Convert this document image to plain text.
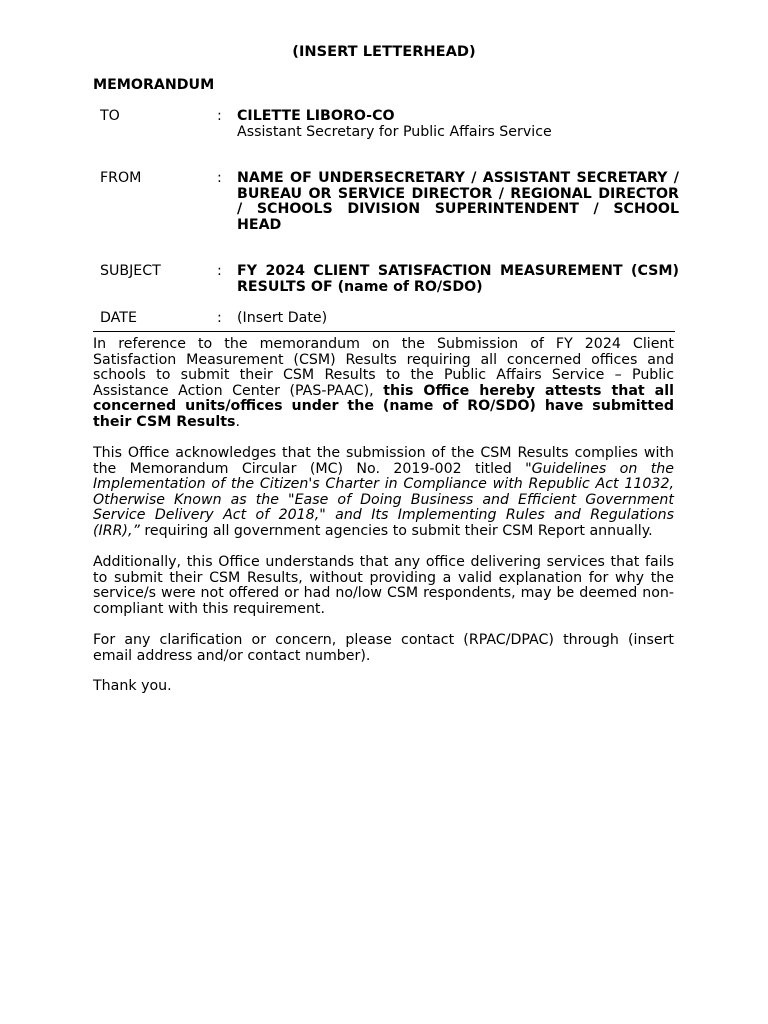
(INSERT LETTERHEAD)
MEMORANDUM
TO	: CILETTE LIBORO-CO
Assistant Secretary for Public Affairs Service
FROM	: NAME OF UNDERSECRETARY / ASSISTANT SECRETARY / BUREAU OR SERVICE DIRECTOR / REGIONAL DIRECTOR / SCHOOLS DIVISION SUPERINTENDENT / SCHOOL HEAD
SUBJECT	: FY 2024 CLIENT SATISFACTION MEASUREMENT (CSM) RESULTS OF (name of RO/SDO)
DATE	: (Insert Date)
In reference to the memorandum on the Submission of FY 2024 Client Satisfaction Measurement (CSM) Results requiring all concerned offices and schools to submit their CSM Results to the Public Affairs Service – Public Assistance Action Center (PAS-PAAC), this Office hereby attests that all concerned units/offices under the (name of RO/SDO) have submitted their CSM Results.
This Office acknowledges that the submission of the CSM Results complies with the Memorandum Circular (MC) No. 2019-002 titled "Guidelines on the Implementation of the Citizen's Charter in Compliance with Republic Act 11032, Otherwise Known as the "Ease of Doing Business and Efficient Government Service Delivery Act of 2018," and Its Implementing Rules and Regulations (IRR),” requiring all government agencies to submit their CSM Report annually.
Additionally, this Office understands that any office delivering services that fails to submit their CSM Results, without providing a valid explanation for why the service/s were not offered or had no/low CSM respondents, may be deemed non-compliant with this requirement.
For any clarification or concern, please contact (RPAC/DPAC) through (insert email address and/or contact number).
Thank you.
